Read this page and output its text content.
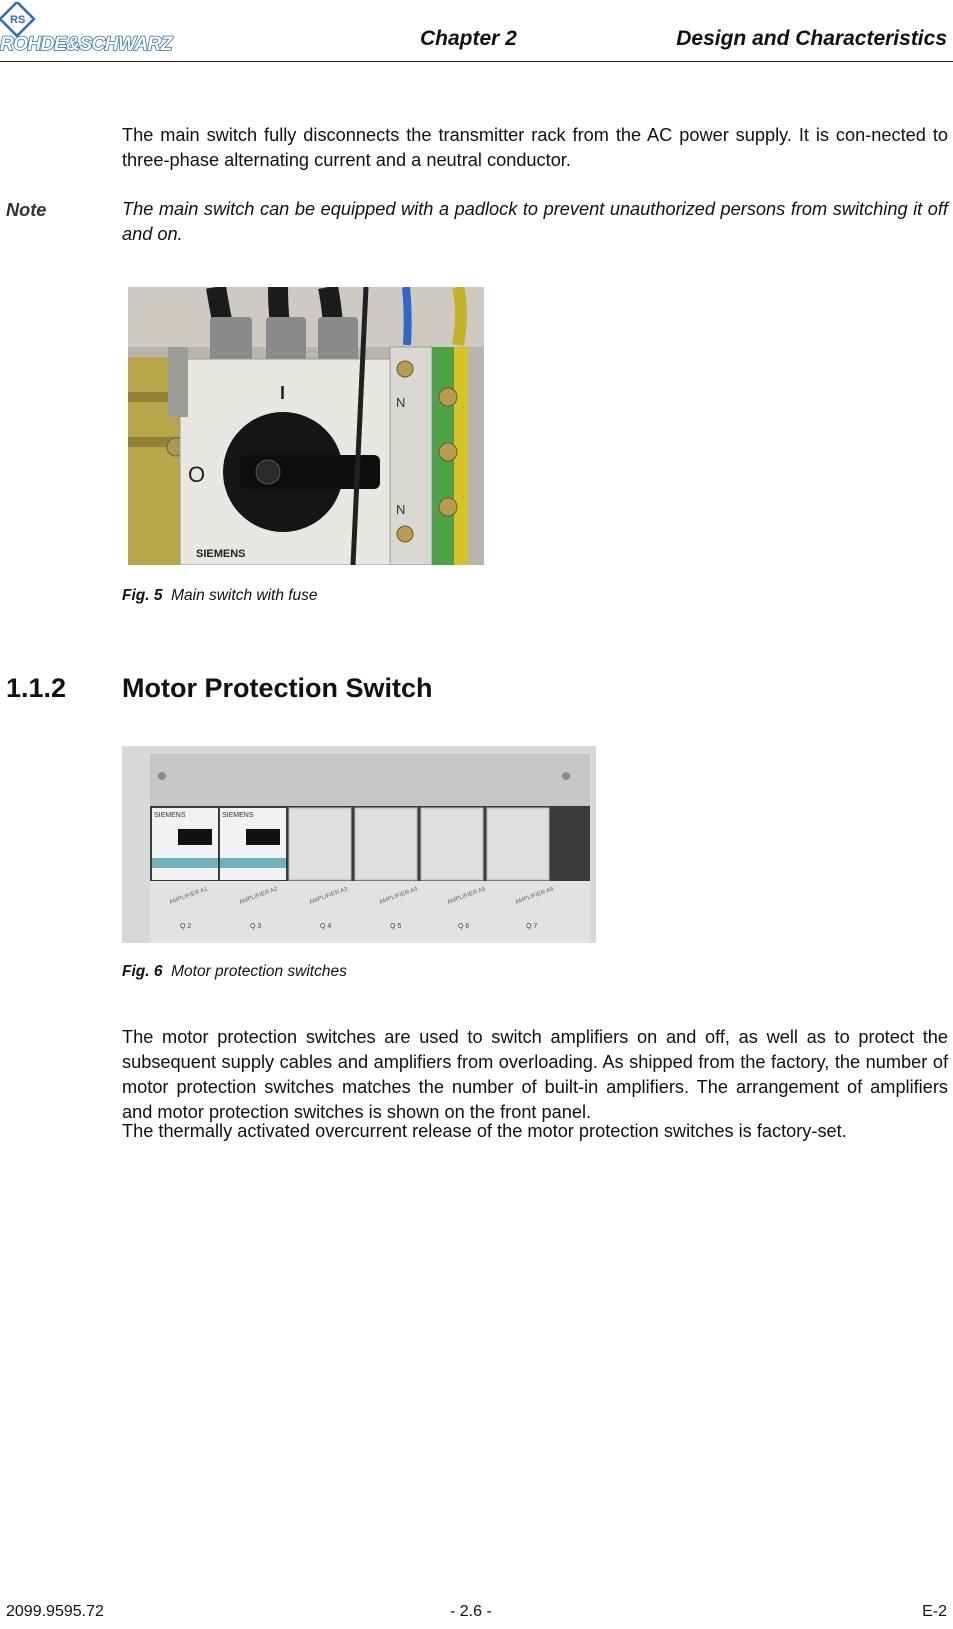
RS
ROHDE&SCHWARZ	Chapter 2	Design and Characteristics
The main switch fully disconnects the transmitter rack from the AC power supply. It is con-nected to three-phase alternating current and a neutral conductor.
Note	The main switch can be equipped with a padlock to prevent unauthorized persons from switching it off and on.
I
O
SIEMENS
N
N
Fig. 5 Main switch with fuse
1.1.2 Motor Protection Switch
SIEMENS	SIEMENS
AMPLIFIER A1	AMPLIFIER A2	AMPLIFIER A3	AMPLIFIER A4	AMPLIFIER A5	AMPLIFIER A6
Q 2	Q 3	Q 4	Q 5	Q 6	Q 7
Fig. 6 Motor protection switches
The motor protection switches are used to switch amplifiers on and off, as well as to protect the subsequent supply cables and amplifiers from overloading. As shipped from the factory, the number of motor protection switches matches the number of built-in amplifiers. The arrangement of amplifiers and motor protection switches is shown on the front panel.
The thermally activated overcurrent release of the motor protection switches is factory-set.
2099.9595.72	- 2.6 -	E-2
